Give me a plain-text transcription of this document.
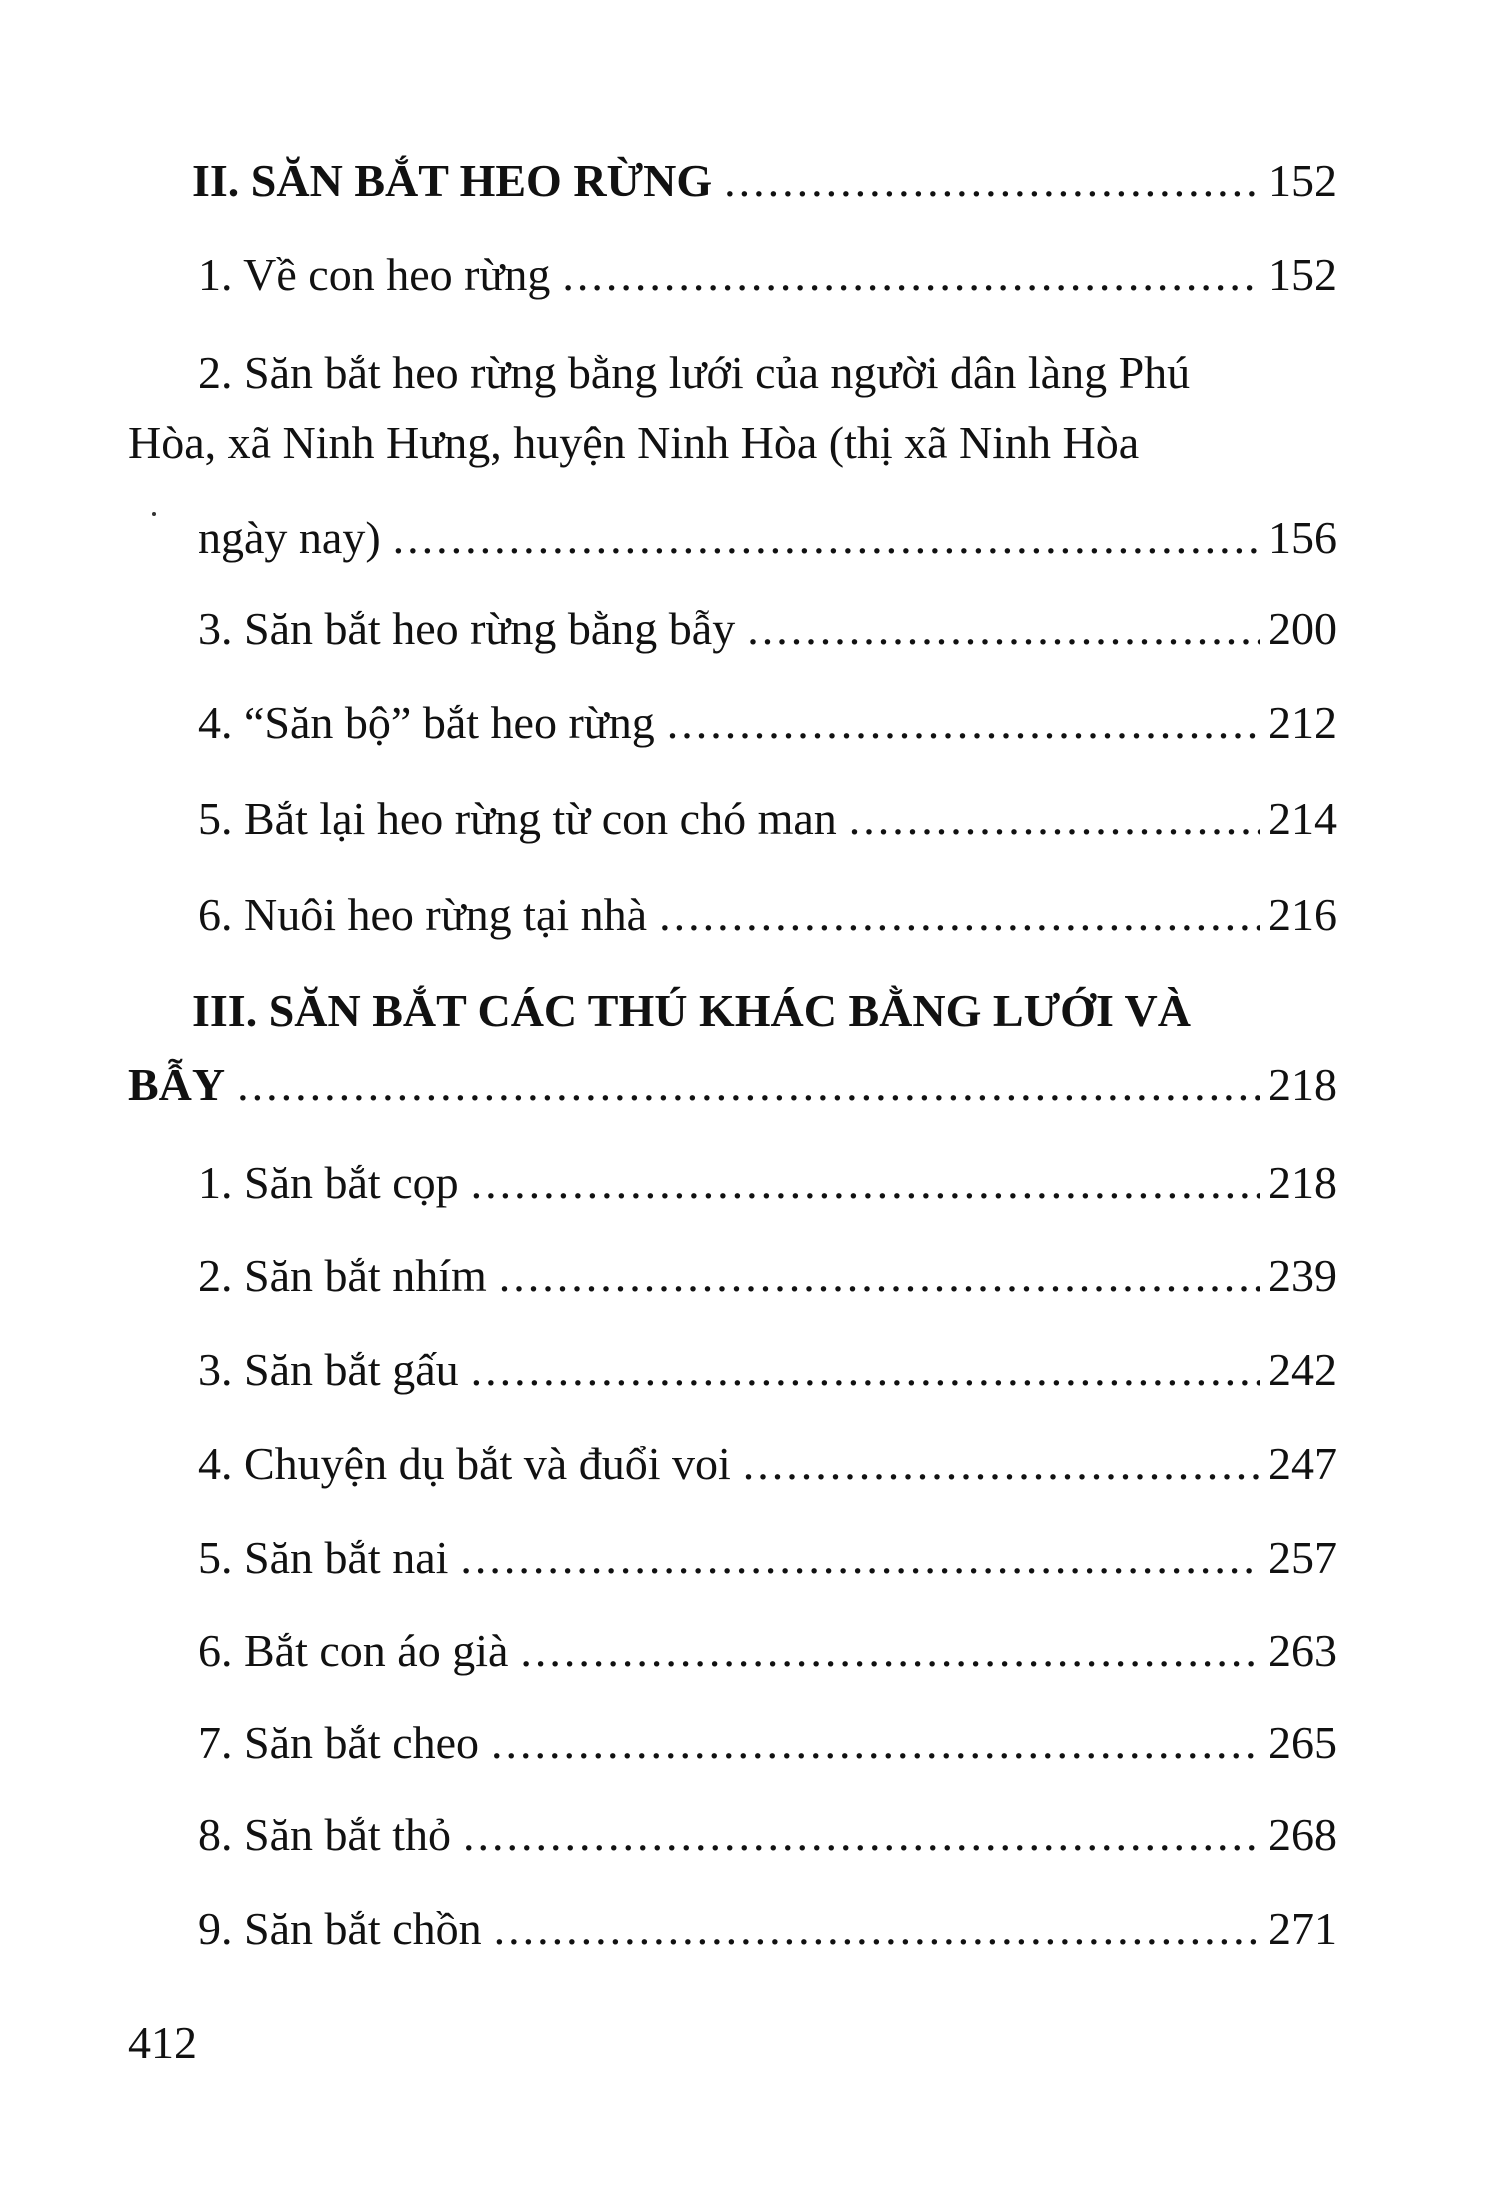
II. SĂN BẮT HEO RỪNG .....	152
1. Về con heo rừng .....	152
2. Săn bắt heo rừng bằng lưới của người dân làng Phú
Hòa, xã Ninh Hưng, huyện Ninh Hòa (thị xã Ninh Hòa
ngày nay) .....	156
3. Săn bắt heo rừng bằng bẫy .....	200
4. “Săn bộ” bắt heo rừng .....	212
5. Bắt lại heo rừng từ con chó man .....	214
6. Nuôi heo rừng tại nhà .....	216
III. SĂN BẮT CÁC THÚ KHÁC BẰNG LƯỚI VÀ
BẪY .....	218
1. Săn bắt cọp .....	218
2. Săn bắt nhím .....	239
3. Săn bắt gấu .....	242
4. Chuyện dụ bắt và đuổi voi .....	247
5. Săn bắt nai .....	257
6. Bắt con áo già .....	263
7. Săn bắt cheo .....	265
8. Săn bắt thỏ .....	268
9. Săn bắt chồn .....	271
412
